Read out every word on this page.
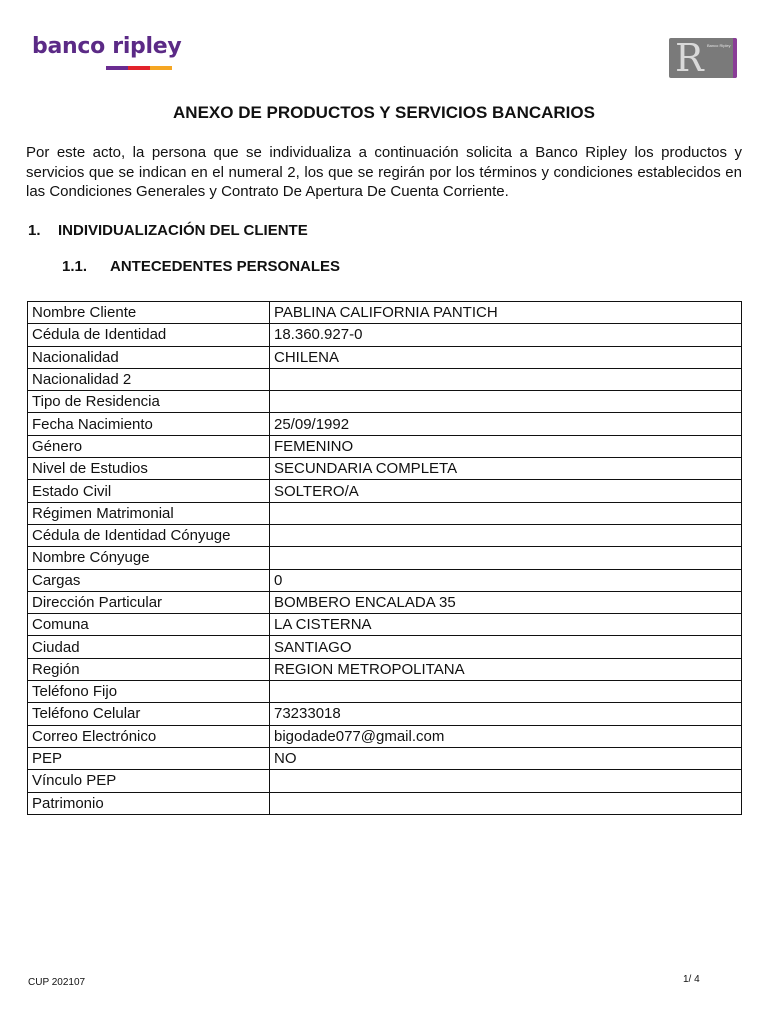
banco ripley	R Banco Ripley
ANEXO DE PRODUCTOS Y SERVICIOS BANCARIOS
Por este acto, la persona que se individualiza a continuación solicita a Banco Ripley los productos y servicios que se indican en el numeral 2, los que se regirán por los términos y condiciones establecidos en las Condiciones Generales y Contrato De Apertura De Cuenta Corriente.
1. INDIVIDUALIZACIÓN DEL CLIENTE
1.1. ANTECEDENTES PERSONALES
Nombre Cliente	PABLINA CALIFORNIA PANTICH
Cédula de Identidad	18.360.927-0
Nacionalidad	CHILENA
Nacionalidad 2	
Tipo de Residencia	
Fecha Nacimiento	25/09/1992
Género	FEMENINO
Nivel de Estudios	SECUNDARIA COMPLETA
Estado Civil	SOLTERO/A
Régimen Matrimonial	
Cédula de Identidad Cónyuge	
Nombre Cónyuge	
Cargas	0
Dirección Particular	BOMBERO ENCALADA 35
Comuna	LA CISTERNA
Ciudad	SANTIAGO
Región	REGION METROPOLITANA
Teléfono Fijo	
Teléfono Celular	73233018
Correo Electrónico	bigodade077@gmail.com
PEP	NO
Vínculo PEP	
Patrimonio	
CUP 202107	1/ 4
